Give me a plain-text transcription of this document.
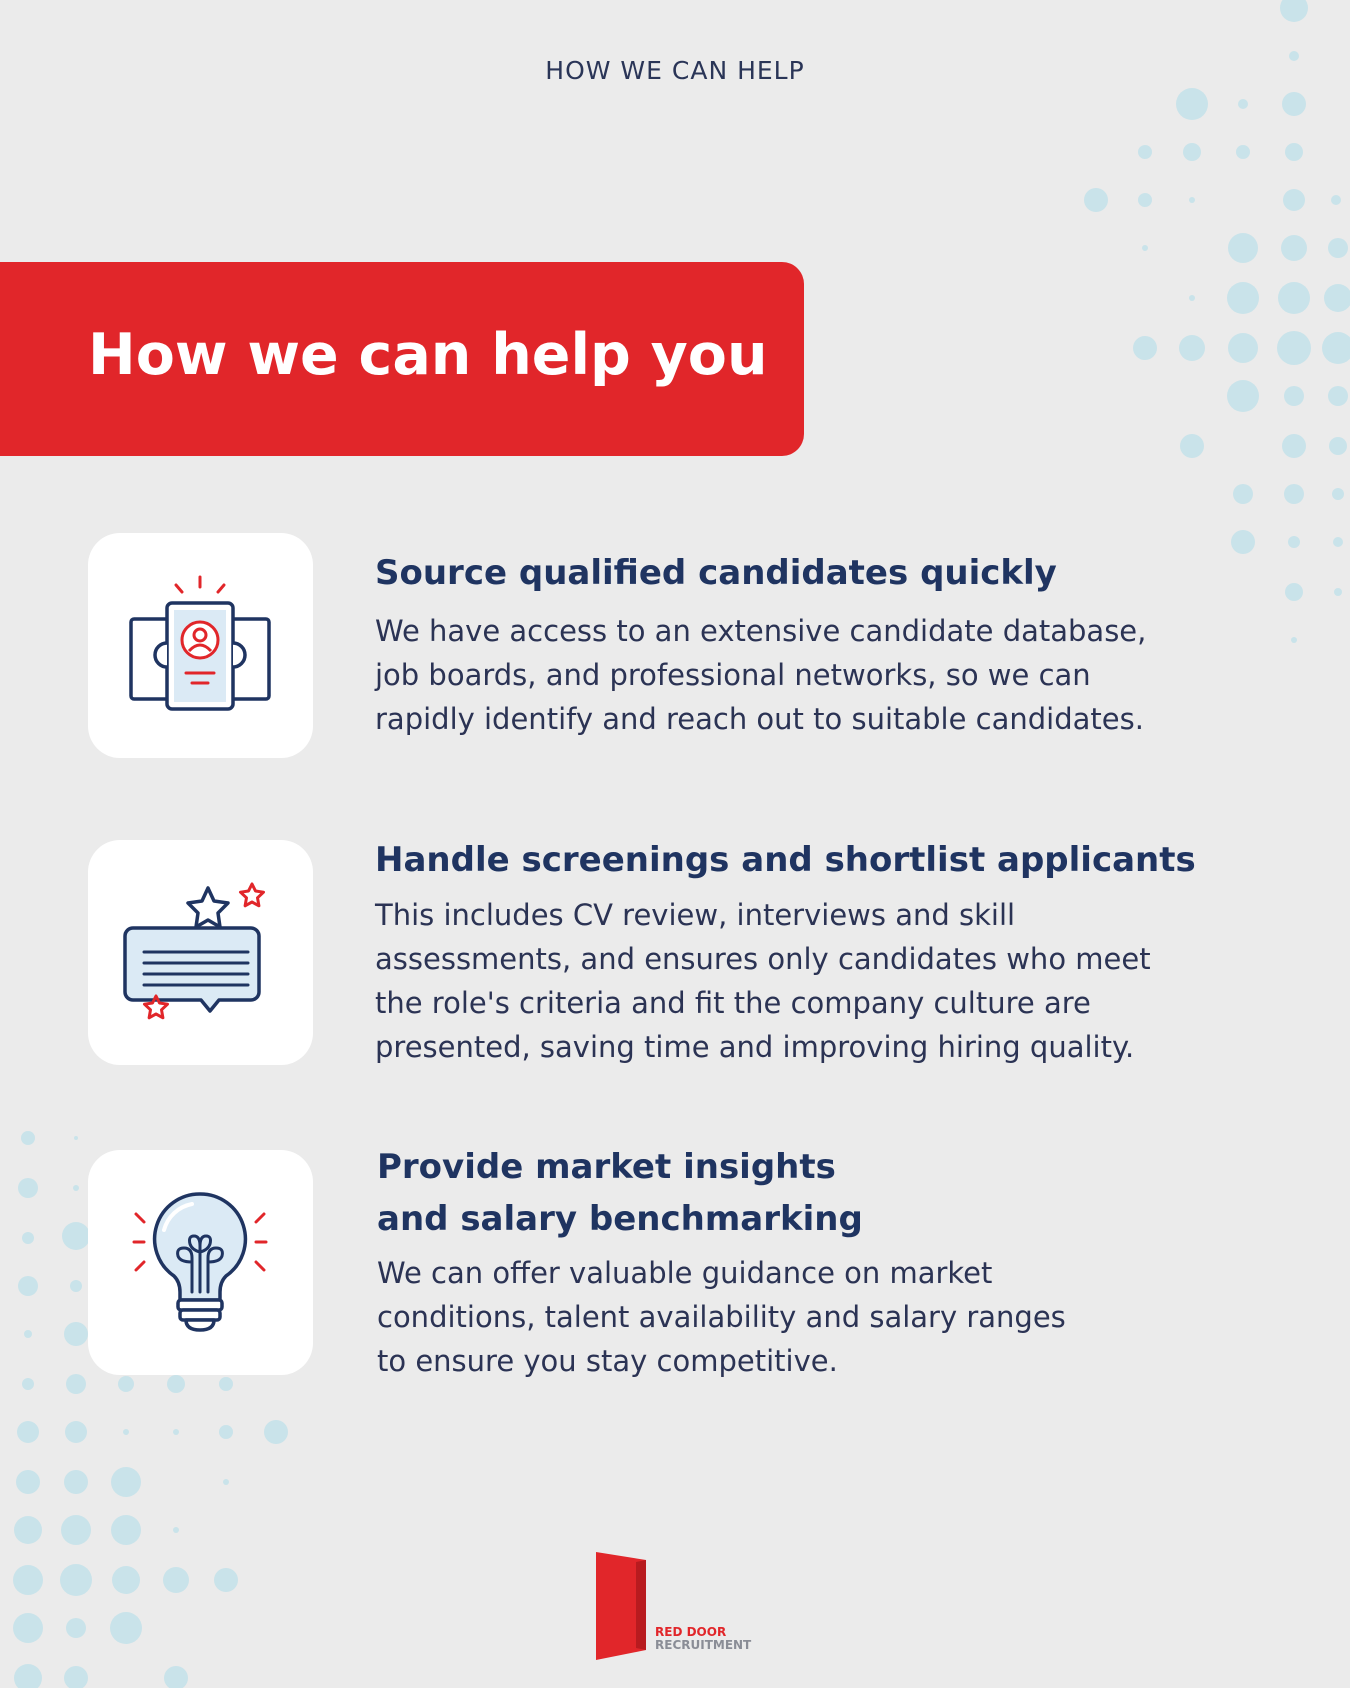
HOW WE CAN HELP
How we can help you
Source qualified candidates quickly
We have access to an extensive candidate database,
job boards, and professional networks, so we can
rapidly identify and reach out to suitable candidates.
Handle screenings and shortlist applicants
This includes CV review, interviews and skill
assessments, and ensures only candidates who meet
the role's criteria and fit the company culture are
presented, saving time and improving hiring quality.
Provide market insights
and salary benchmarking
We can offer valuable guidance on market
conditions, talent availability and salary ranges
to ensure you stay competitive.
RED DOOR
RECRUITMENT
